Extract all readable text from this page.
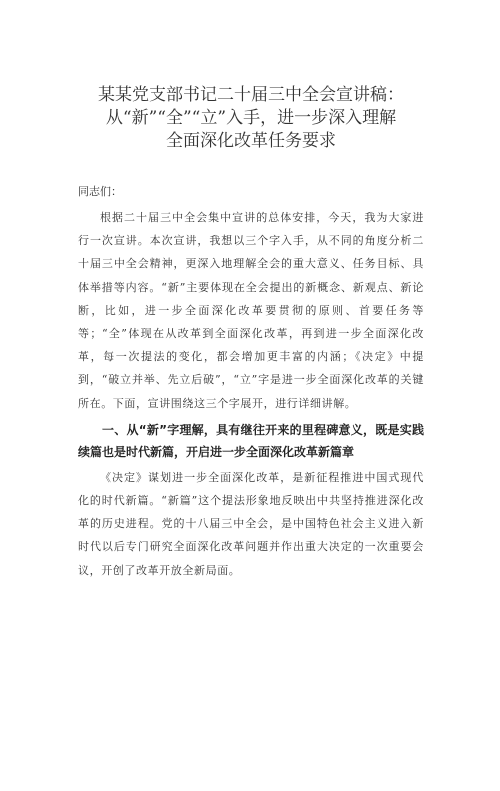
某某党支部书记二十届三中全会宣讲稿：
从“新”“全”“立”入手，进一步深入理解
全面深化改革任务要求
同志们：

根据二十届三中全会集中宣讲的总体安排，今天，我为大家进行一次宣讲。本次宣讲，我想以三个字入手，从不同的角度分析二十届三中全会精神，更深入地理解全会的重大意义、任务目标、具体举措等内容。“新”主要体现在全会提出的新概念、新观点、新论断，比如，进一步全面深化改革要贯彻的原则、首要任务等等；“全”体现在从改革到全面深化改革，再到进一步全面深化改革，每一次提法的变化，都会增加更丰富的内涵；《决定》中提到，“破立并举、先立后破”，“立”字是进一步全面深化改革的关键所在。下面，宣讲围绕这三个字展开，进行详细讲解。

一、从“新”字理解，具有继往开来的里程碑意义，既是实践续篇也是时代新篇，开启进一步全面深化改革新篇章

《决定》谋划进一步全面深化改革，是新征程推进中国式现代化的时代新篇。“新篇”这个提法形象地反映出中共坚持推进深化改革的历史进程。党的十八届三中全会，是中国特色社会主义进入新时代以后专门研究全面深化改革问题并作出重大决定的一次重要会议，开创了改革开放全新局面。
